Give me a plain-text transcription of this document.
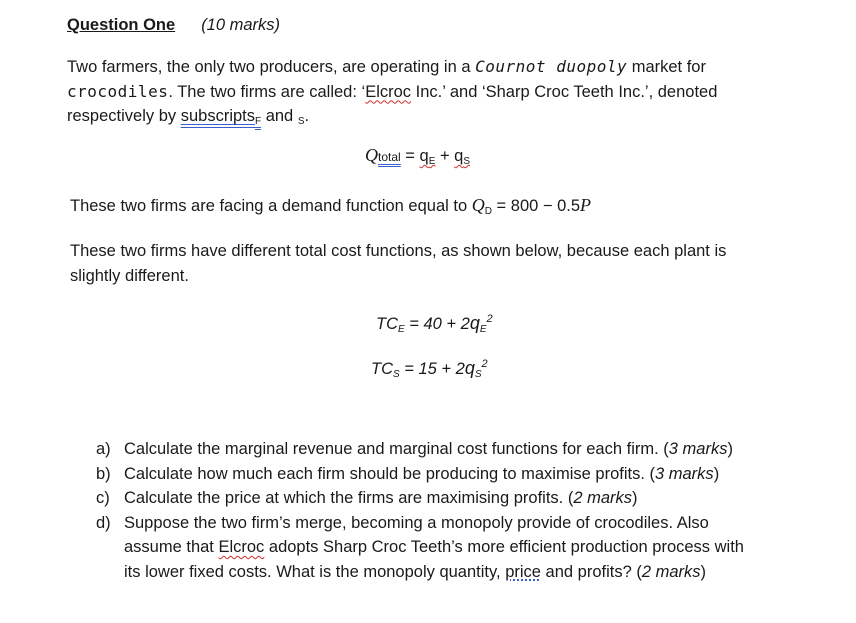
Question One (10 marks)
Two farmers, the only two producers, are operating in a Cournot duopoly market for
crocodiles. The two firms are called: ‘Elcroc Inc.’ and ‘Sharp Croc Teeth Inc.’, denoted
respectively by subscripts$_F$ and $_S$.
Qtotal = $q_E + q_S$
These two firms are facing a demand function equal to $Q_D = 800 - 0.5P$
These two firms have different total cost functions, as shown below, because each plant is
slightly different.
$TC_E = 40 + 2q_E^2$
$TC_S = 15 + 2q_S^2$
a) Calculate the marginal revenue and marginal cost functions for each firm. (3 marks)
b) Calculate how much each firm should be producing to maximise profits. (3 marks)
c) Calculate the price at which the firms are maximising profits. (2 marks)
d) Suppose the two firm’s merge, becoming a monopoly provide of crocodiles. Also
assume that Elcroc adopts Sharp Croc Teeth’s more efficient production process with
its lower fixed costs. What is the monopoly quantity, price and profits? (2 marks)
